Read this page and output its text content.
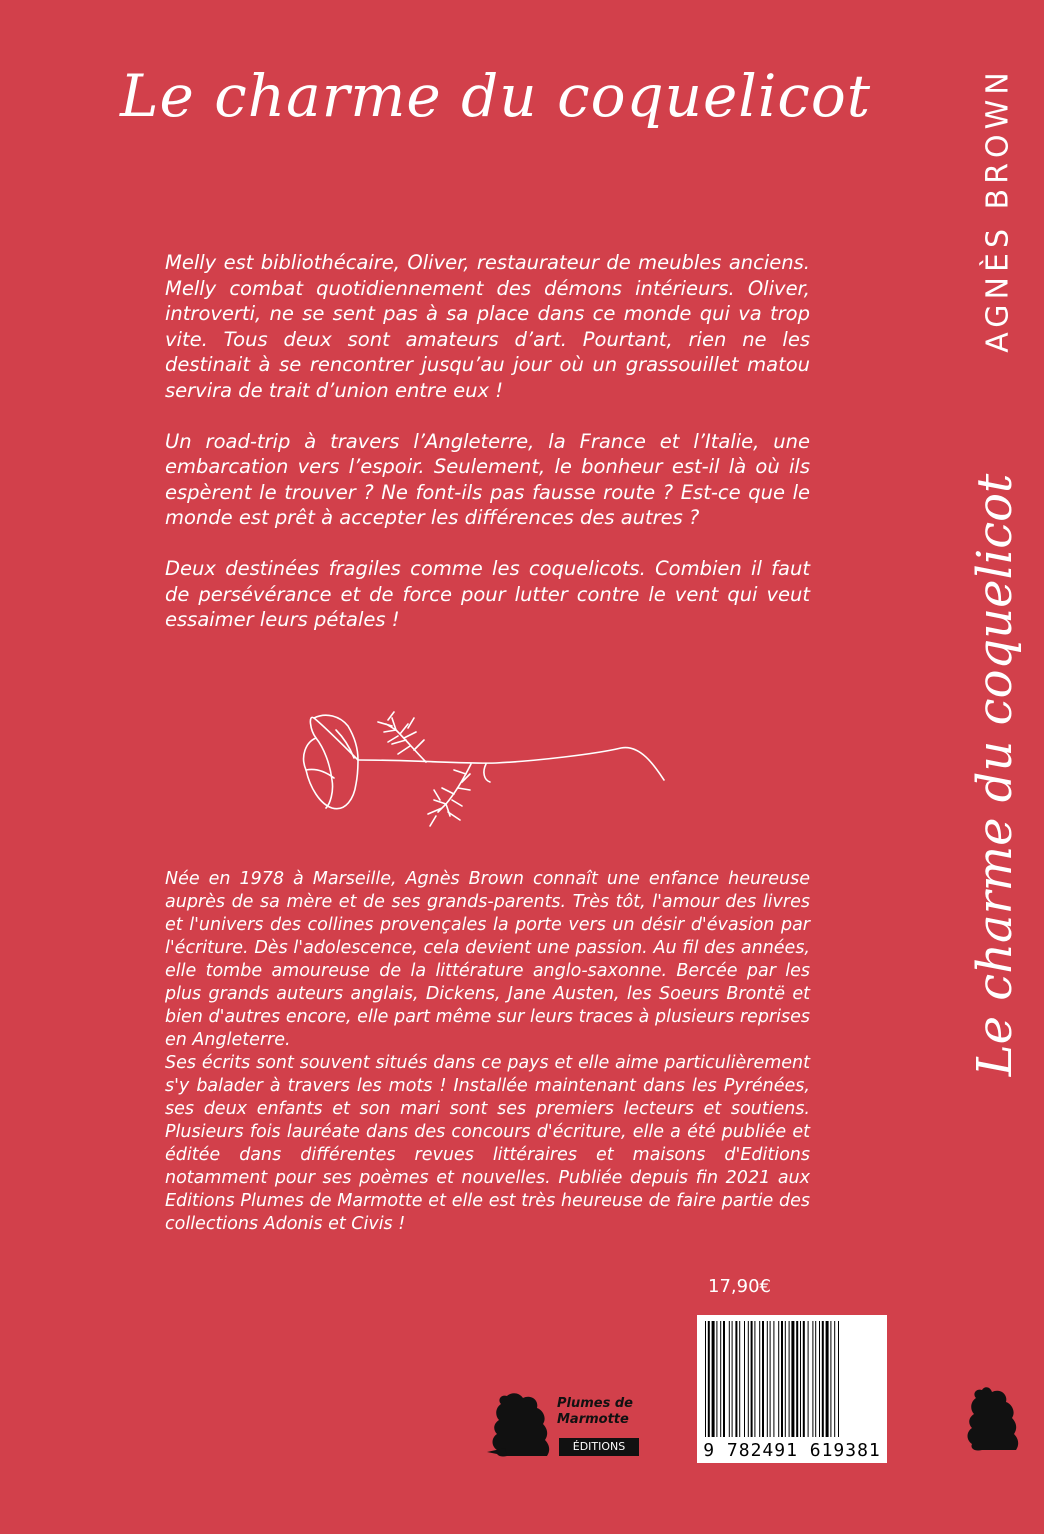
Le charme du coquelicot	AGNÈS BROWN
Le charme du coquelicot

Melly est bibliothécaire, Oliver, restaurateur de meubles anciens. Melly combat quotidiennement des démons intérieurs. Oliver, introverti, ne se sent pas à sa place dans ce monde qui va trop vite. Tous deux sont amateurs d’art. Pourtant, rien ne les destinait à se rencontrer jusqu’au jour où un grassouillet matou servira de trait d’union entre eux !

Un road-trip à travers l’Angleterre, la France et l’Italie, une embarcation vers l’espoir. Seulement, le bonheur est-il là où ils espèrent le trouver ? Ne font-ils pas fausse route ? Est-ce que le monde est prêt à accepter les différences des autres ?

Deux destinées fragiles comme les coquelicots. Combien il faut de persévérance et de force pour lutter contre le vent qui veut essaimer leurs pétales !

Née en 1978 à Marseille, Agnès Brown connaît une enfance heureuse auprès de sa mère et de ses grands-parents. Très tôt, l'amour des livres et l'univers des collines provençales la porte vers un désir d'évasion par l'écriture. Dès l'adolescence, cela devient une passion. Au fil des années, elle tombe amoureuse de la littérature anglo-saxonne. Bercée par les plus grands auteurs anglais, Dickens, Jane Austen, les Soeurs Brontë et bien d'autres encore, elle part même sur leurs traces à plusieurs reprises en Angleterre.

Ses écrits sont souvent situés dans ce pays et elle aime particulièrement s'y balader à travers les mots ! Installée maintenant dans les Pyrénées, ses deux enfants et son mari sont ses premiers lecteurs et soutiens. Plusieurs fois lauréate dans des concours d'écriture, elle a été publiée et éditée dans différentes revues littéraires et maisons d'Editions notamment pour ses poèmes et nouvelles. Publiée depuis fin 2021 aux Editions Plumes de Marmotte et elle est très heureuse de faire partie des collections Adonis et Civis !

17,90€
9 782491 619381
Plumes de
Marmotte
ÉDITIONS
